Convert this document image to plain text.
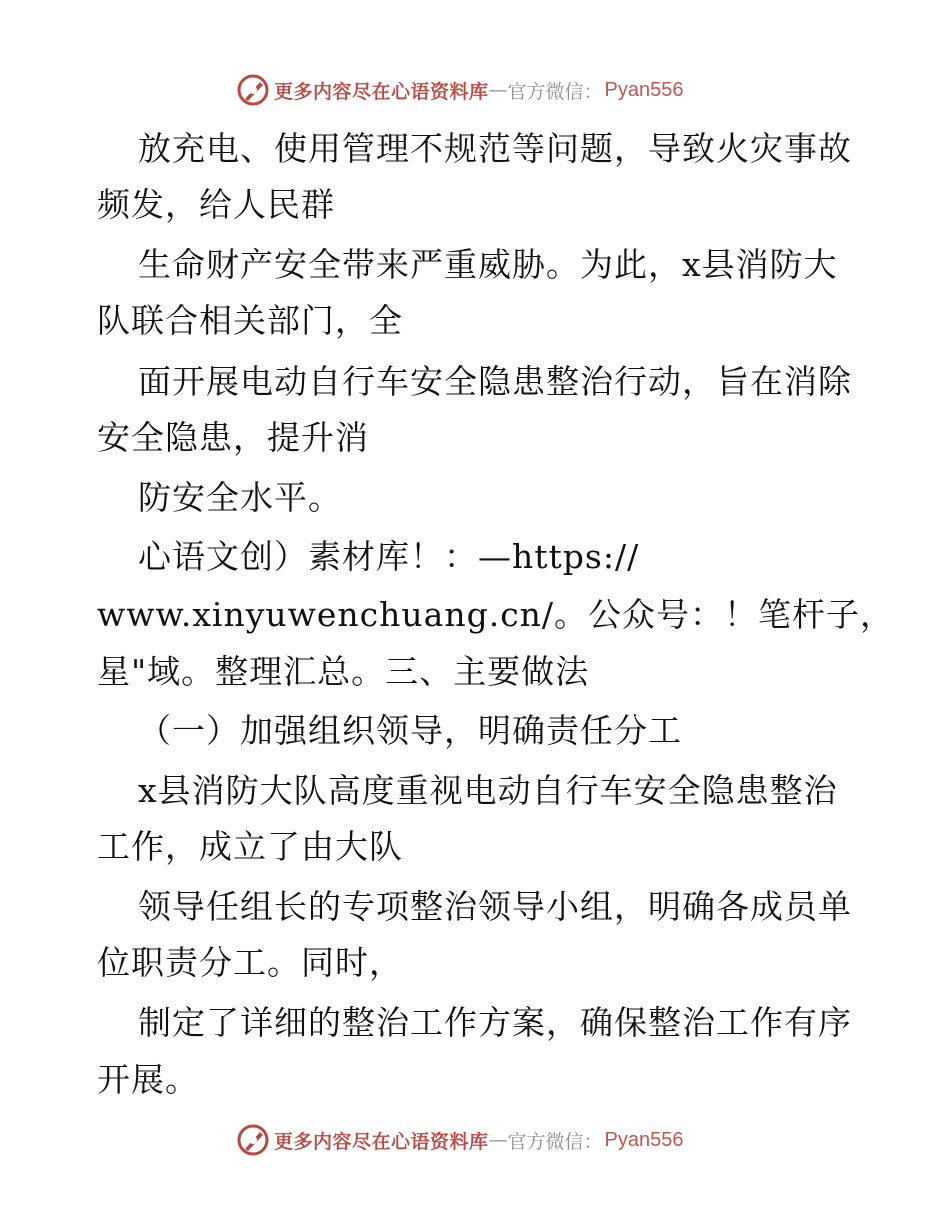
更多内容尽在心语资料库 — 官方微信： Pyan556
放充电、使用管理不规范等问题，导致火灾事故
频发，给人民群
生命财产安全带来严重威胁。为此，x县消防大
队联合相关部门，全
面开展电动自行车安全隐患整治行动，旨在消除
安全隐患，提升消
防安全水平。
心语文创）素材库！：—https://
www.xinyuwenchuang.cn/。公众号：！笔杆子，
星"域。整理汇总。三、主要做法
（一）加强组织领导，明确责任分工
x县消防大队高度重视电动自行车安全隐患整治
工作，成立了由大队
领导任组长的专项整治领导小组，明确各成员单
位职责分工。同时，
制定了详细的整治工作方案，确保整治工作有序
开展。
更多内容尽在心语资料库 — 官方微信： Pyan556
